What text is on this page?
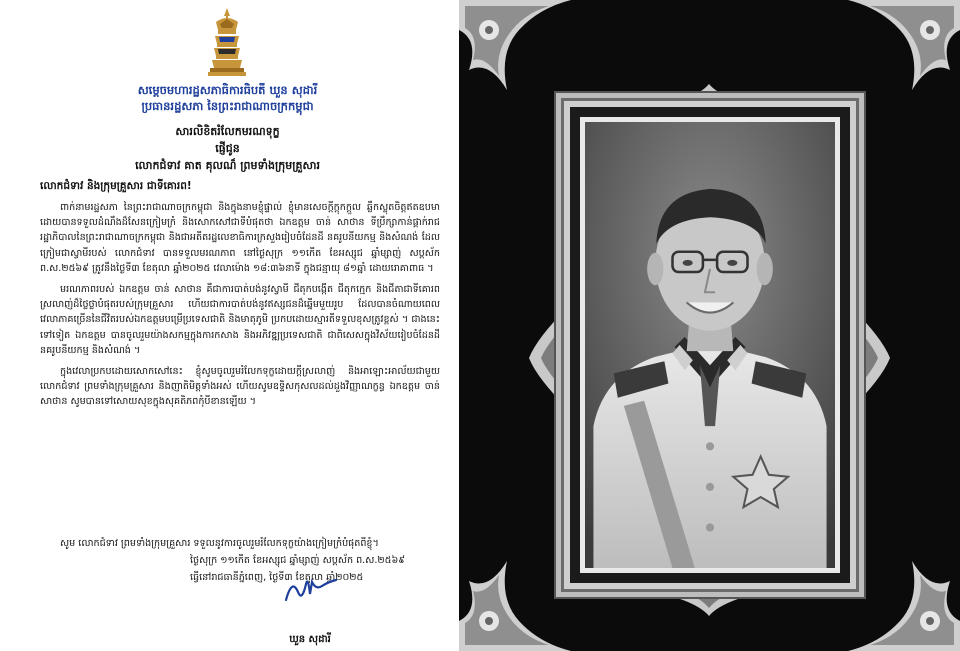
សម្ដេចមហារដ្ឋសភាធិការធិបតី ឃួន សុដារី
ប្រធានរដ្ឋសភា នៃព្រះរាជាណាចក្រកម្ពុជា
សារលិខិតរំលែកមរណទុក្ខ
ផ្ញើជូន
លោកជំទាវ គាត គុលណ៏ ព្រមទាំងក្រុមគ្រួសារ
លោកជំទាវ និងក្រុមគ្រួសារ ជាទីគោរព!

ពាក់នាមរដ្ឋសភា នៃព្រះរាជាណាចក្រកម្ពុជា និងក្នុងនាមខ្ញុំផ្ទាល់ ខ្ញុំមានសេចក្តីក្តុកក្តួល ឆ្លឹកស្លុតចិត្តឥតឧបមា ដោយបានទទួលដំណឹងដ៏សែនក្រៀមក្រំ និងសោកសៅជាទីបំផុតថា ឯកឧត្តម ចាន់ សាថាន ទីប្រឹក្សាកាន់ផ្គាក់រាជរដ្ឋាភិបាលនៃព្រះរាជាណាចក្រកម្ពុជា និងជាអតីតរដ្ឋលេខាធិការក្រសួងរៀបចំដែនដី នគរូបនីយកម្ម និងសំណង់ ដែលក្រៀមជាស្វាមីរបស់ លោកជំទាវ បានទទួលមរណភាព នៅថ្ងៃសុក្រ ១១កើត ខែអស្សុជ ឆ្នាំម្សាញ់ សប្តស័ក ព.ស.២៥៦៩ ត្រូវនឹងថ្ងៃទី៣ ខែតុលា ឆ្នាំ២០២៥ វេលាម៉ោង ១៨:៣៦នាទី ក្នុងជន្មាយុ ៨១ឆ្នាំ ដោយរោគាពាធ ។

មរណភាពរបស់ ឯកឧត្តម ចាន់ សាថាន គឺជាការបាត់បង់នូវស្វាមី ជីតុកបង្កើត ជីតុកក្មេក និងជីតាជាទីគោរពស្រលាញ់ដ៏ថ្លៃថ្លាបំផុតរបស់ក្រុមគ្រួសារ ហើយជាការបាត់បង់នូវឥស្សជនដ៏ឆ្នើមមួយរូប ដែលបានចំណាយពេលវេលាភាគច្រើននៃជីវិតរបស់ឯកឧត្តមបម្រើប្រទេសជាតិ និងមាតុភូមិ ប្រកបដោយស្មារតីទទួលខុសត្រូវខ្ពស់ ។ ជាងនេះទៅទៀត ឯកឧត្តម បានចូលរួមយ៉ាងសកម្មក្នុងការកសាង និងអភិវឌ្ឍប្រទេសជាតិ ជាពិសេសក្នុងវិស័យរៀបចំដែនដី នគរូបនីយកម្ម និងសំណង់ ។

ក្នុងវេលាប្រកបដោយសោកសៅនេះ ខ្ញុំសូមចូលរួមរំលែកទុក្ខដោយក្ដីស្រលាញ់ និងអាឡោះអាល័យជាមួយ លោកជំទាវ ព្រមទាំងក្រុមគ្រួសារ និងញាតិមិត្តទាំងអស់ ហើយសូមឧទ្ទិសកុសលដល់ដួងវិញ្ញាណក្ខន្ធ ឯកឧត្តម ចាន់ សាថាន សូមបានទៅសោយសុខក្នុងសុគតិភពកុំបីខានឡើយ ។

សូម លោកជំទាវ ព្រមទាំងក្រុមគ្រួសារ ទទួលនូវការចូលរួមរំលែកទុក្ខយ៉ាងក្រៀមក្រំបំផុតពីខ្ញុំ។
ថ្ងៃសុក្រ ១១កើត ខែអស្សុជ ឆ្នាំម្សាញ់ សប្តស័ក ព.ស.២៥៦៩
ធ្វើនៅរាជធានីភ្នំពេញ, ថ្ងៃទី៣ ខែតុលា ឆ្នាំ២០២៥
ឃួន សុដារី
